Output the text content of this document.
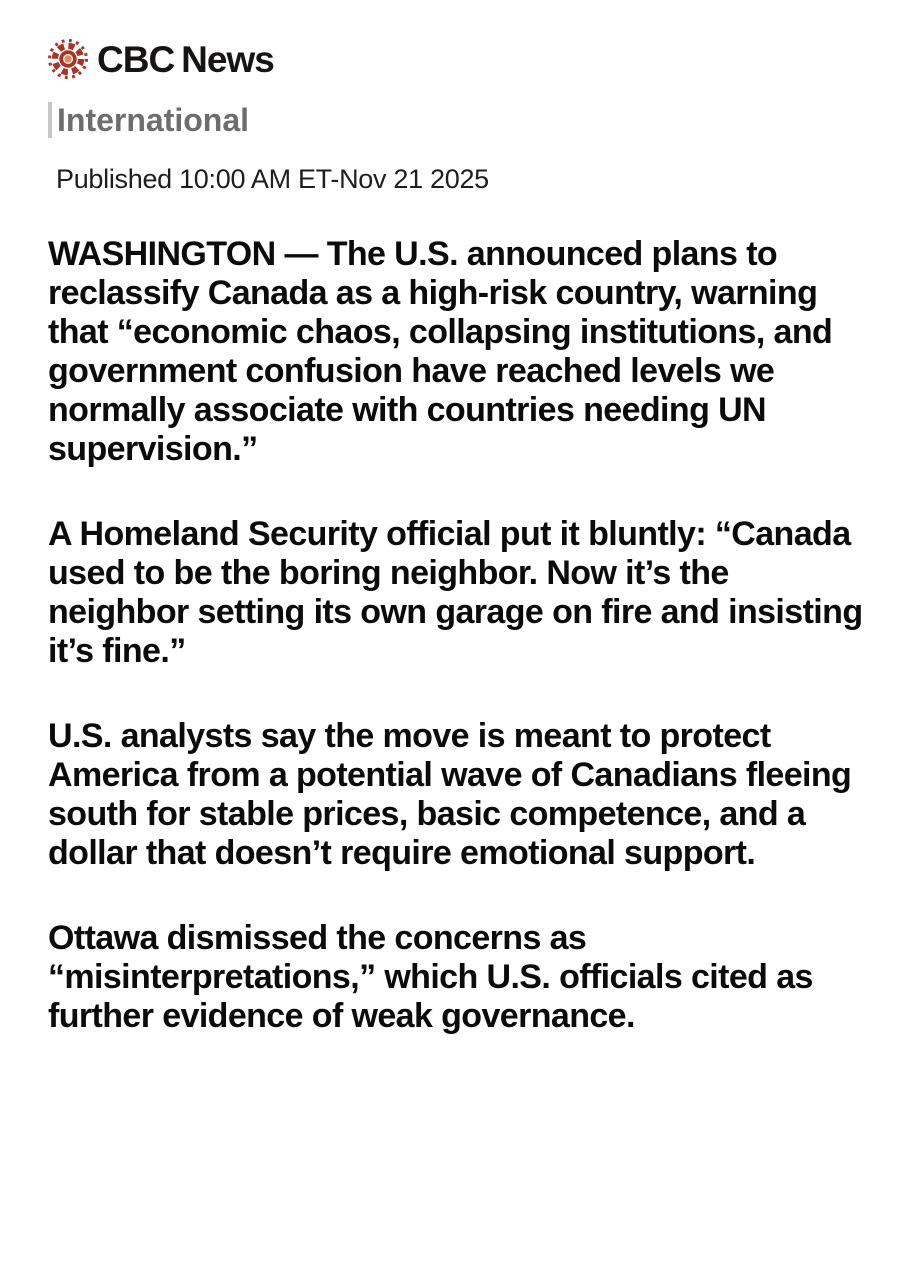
CBC News
International
Published 10:00 AM ET-Nov 21 2025

WASHINGTON — The U.S. announced plans to reclassify Canada as a high-risk country, warning that “economic chaos, collapsing institutions, and government confusion have reached levels we normally associate with countries needing UN supervision.”

A Homeland Security official put it bluntly: “Canada used to be the boring neighbor. Now it’s the neighbor setting its own garage on fire and insisting it’s fine.”

U.S. analysts say the move is meant to protect America from a potential wave of Canadians fleeing south for stable prices, basic competence, and a dollar that doesn’t require emotional support.

Ottawa dismissed the concerns as “misinterpretations,” which U.S. officials cited as further evidence of weak governance.
